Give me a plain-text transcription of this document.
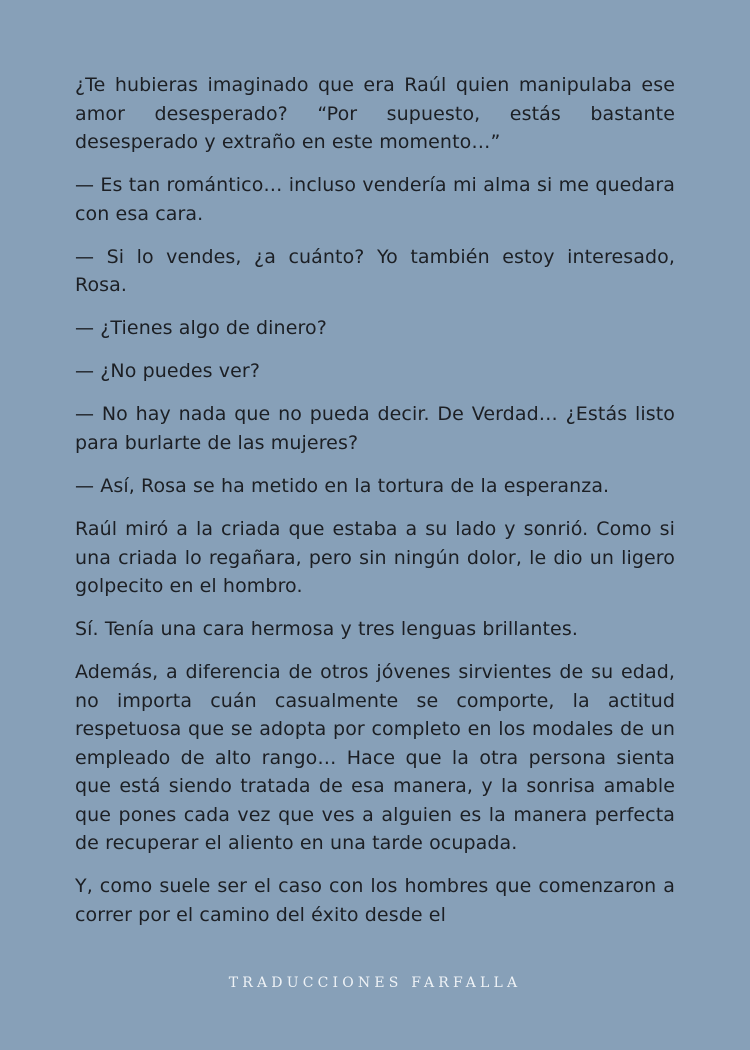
¿Te hubieras imaginado que era Raúl quien manipulaba ese amor desesperado? “Por supuesto, estás bastante desesperado y extraño en este momento…”

— Es tan romántico… incluso vendería mi alma si me quedara con esa cara.

— Si lo vendes, ¿a cuánto? Yo también estoy interesado, Rosa.

— ¿Tienes algo de dinero?

— ¿No puedes ver?

— No hay nada que no pueda decir. De Verdad… ¿Estás listo para burlarte de las mujeres?

— Así, Rosa se ha metido en la tortura de la esperanza.

Raúl miró a la criada que estaba a su lado y sonrió. Como si una criada lo regañara, pero sin ningún dolor, le dio un ligero golpecito en el hombro.

Sí. Tenía una cara hermosa y tres lenguas brillantes.

Además, a diferencia de otros jóvenes sirvientes de su edad, no importa cuán casualmente se comporte, la actitud respetuosa que se adopta por completo en los modales de un empleado de alto rango… Hace que la otra persona sienta que está siendo tratada de esa manera, y la sonrisa amable que pones cada vez que ves a alguien es la manera perfecta de recuperar el aliento en una tarde ocupada.

Y, como suele ser el caso con los hombres que comenzaron a correr por el camino del éxito desde el

TRADUCCIONES FARFALLA
